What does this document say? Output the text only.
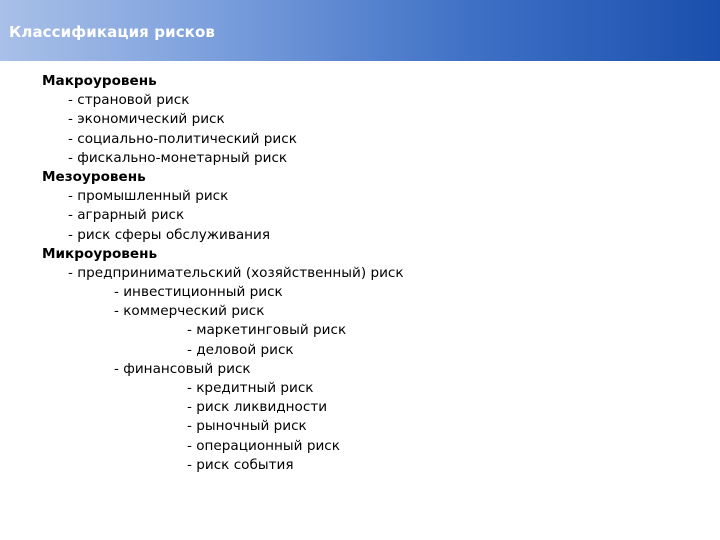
Классификация рисков
Макроуровень
- страновой риск
- экономический риск
- социально-политический риск
- фискально-монетарный риск
Мезоуровень
- промышленный риск
- аграрный риск
- риск сферы обслуживания
Микроуровень
- предпринимательский (хозяйственный) риск
- инвестиционный риск
- коммерческий риск
- маркетинговый риск
- деловой риск
- финансовый риск
- кредитный риск
- риск ликвидности
- рыночный риск
- операционный риск
- риск события
